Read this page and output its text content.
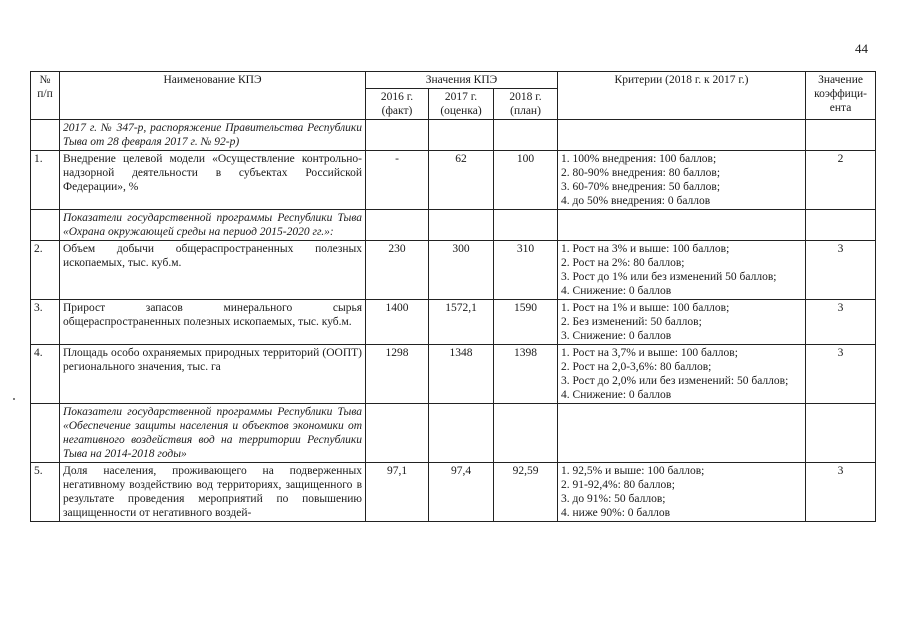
44
№ п/п	Наименование КПЭ	Значения КПЭ			Критерии (2018 г. к 2017 г.)	Значение коэффици-ента
		2016 г. (факт)	2017 г. (оценка)	2018 г. (план)		
	2017 г. № 347-р, распоряжение Правительства Республики Тыва от 28 февраля 2017 г. № 92-р)					
1.	Внедрение целевой модели «Осуществление контрольно-надзорной деятельности в субъектах Российской Федерации», %	-	62	100	1. 100% внедрения: 100 баллов;
2. 80-90% внедрения: 80 баллов;
3. 60-70% внедрения: 50 баллов;
4. до 50% внедрения: 0 баллов	2
	Показатели государственной программы Республики Тыва «Охрана окружающей среды на период 2015-2020 гг.»:					
2.	Объем добычи общераспространенных полезных ископаемых, тыс. куб.м.	230	300	310	1. Рост на 3% и выше: 100 баллов;
2. Рост на 2%: 80 баллов;
3. Рост до 1% или без изменений 50 баллов;
4. Снижение: 0 баллов	3
3.	Прирост запасов минерального сырья общераспространенных полезных ископаемых, тыс. куб.м.	1400	1572,1	1590	1. Рост на 1% и выше: 100 баллов;
2. Без изменений: 50 баллов;
3. Снижение: 0 баллов	3
4.	Площадь особо охраняемых природных территорий (ООПТ) регионального значения, тыс. га	1298	1348	1398	1. Рост на 3,7% и выше: 100 баллов;
2. Рост на 2,0-3,6%: 80 баллов;
3. Рост до 2,0% или без изменений: 50 баллов;
4. Снижение: 0 баллов	3
	Показатели государственной программы Республики Тыва «Обеспечение защиты населения и объектов экономики от негативного воздействия вод на территории Республики Тыва на 2014-2018 годы»					
5.	Доля населения, проживающего на подверженных негативному воздействию вод территориях, защищенного в результате проведения мероприятий по повышению защищенности от негативного воздей-	97,1	97,4	92,59	1. 92,5% и выше: 100 баллов;
2. 91-92,4%: 80 баллов;
3. до 91%: 50 баллов;
4. ниже 90%: 0 баллов	3
